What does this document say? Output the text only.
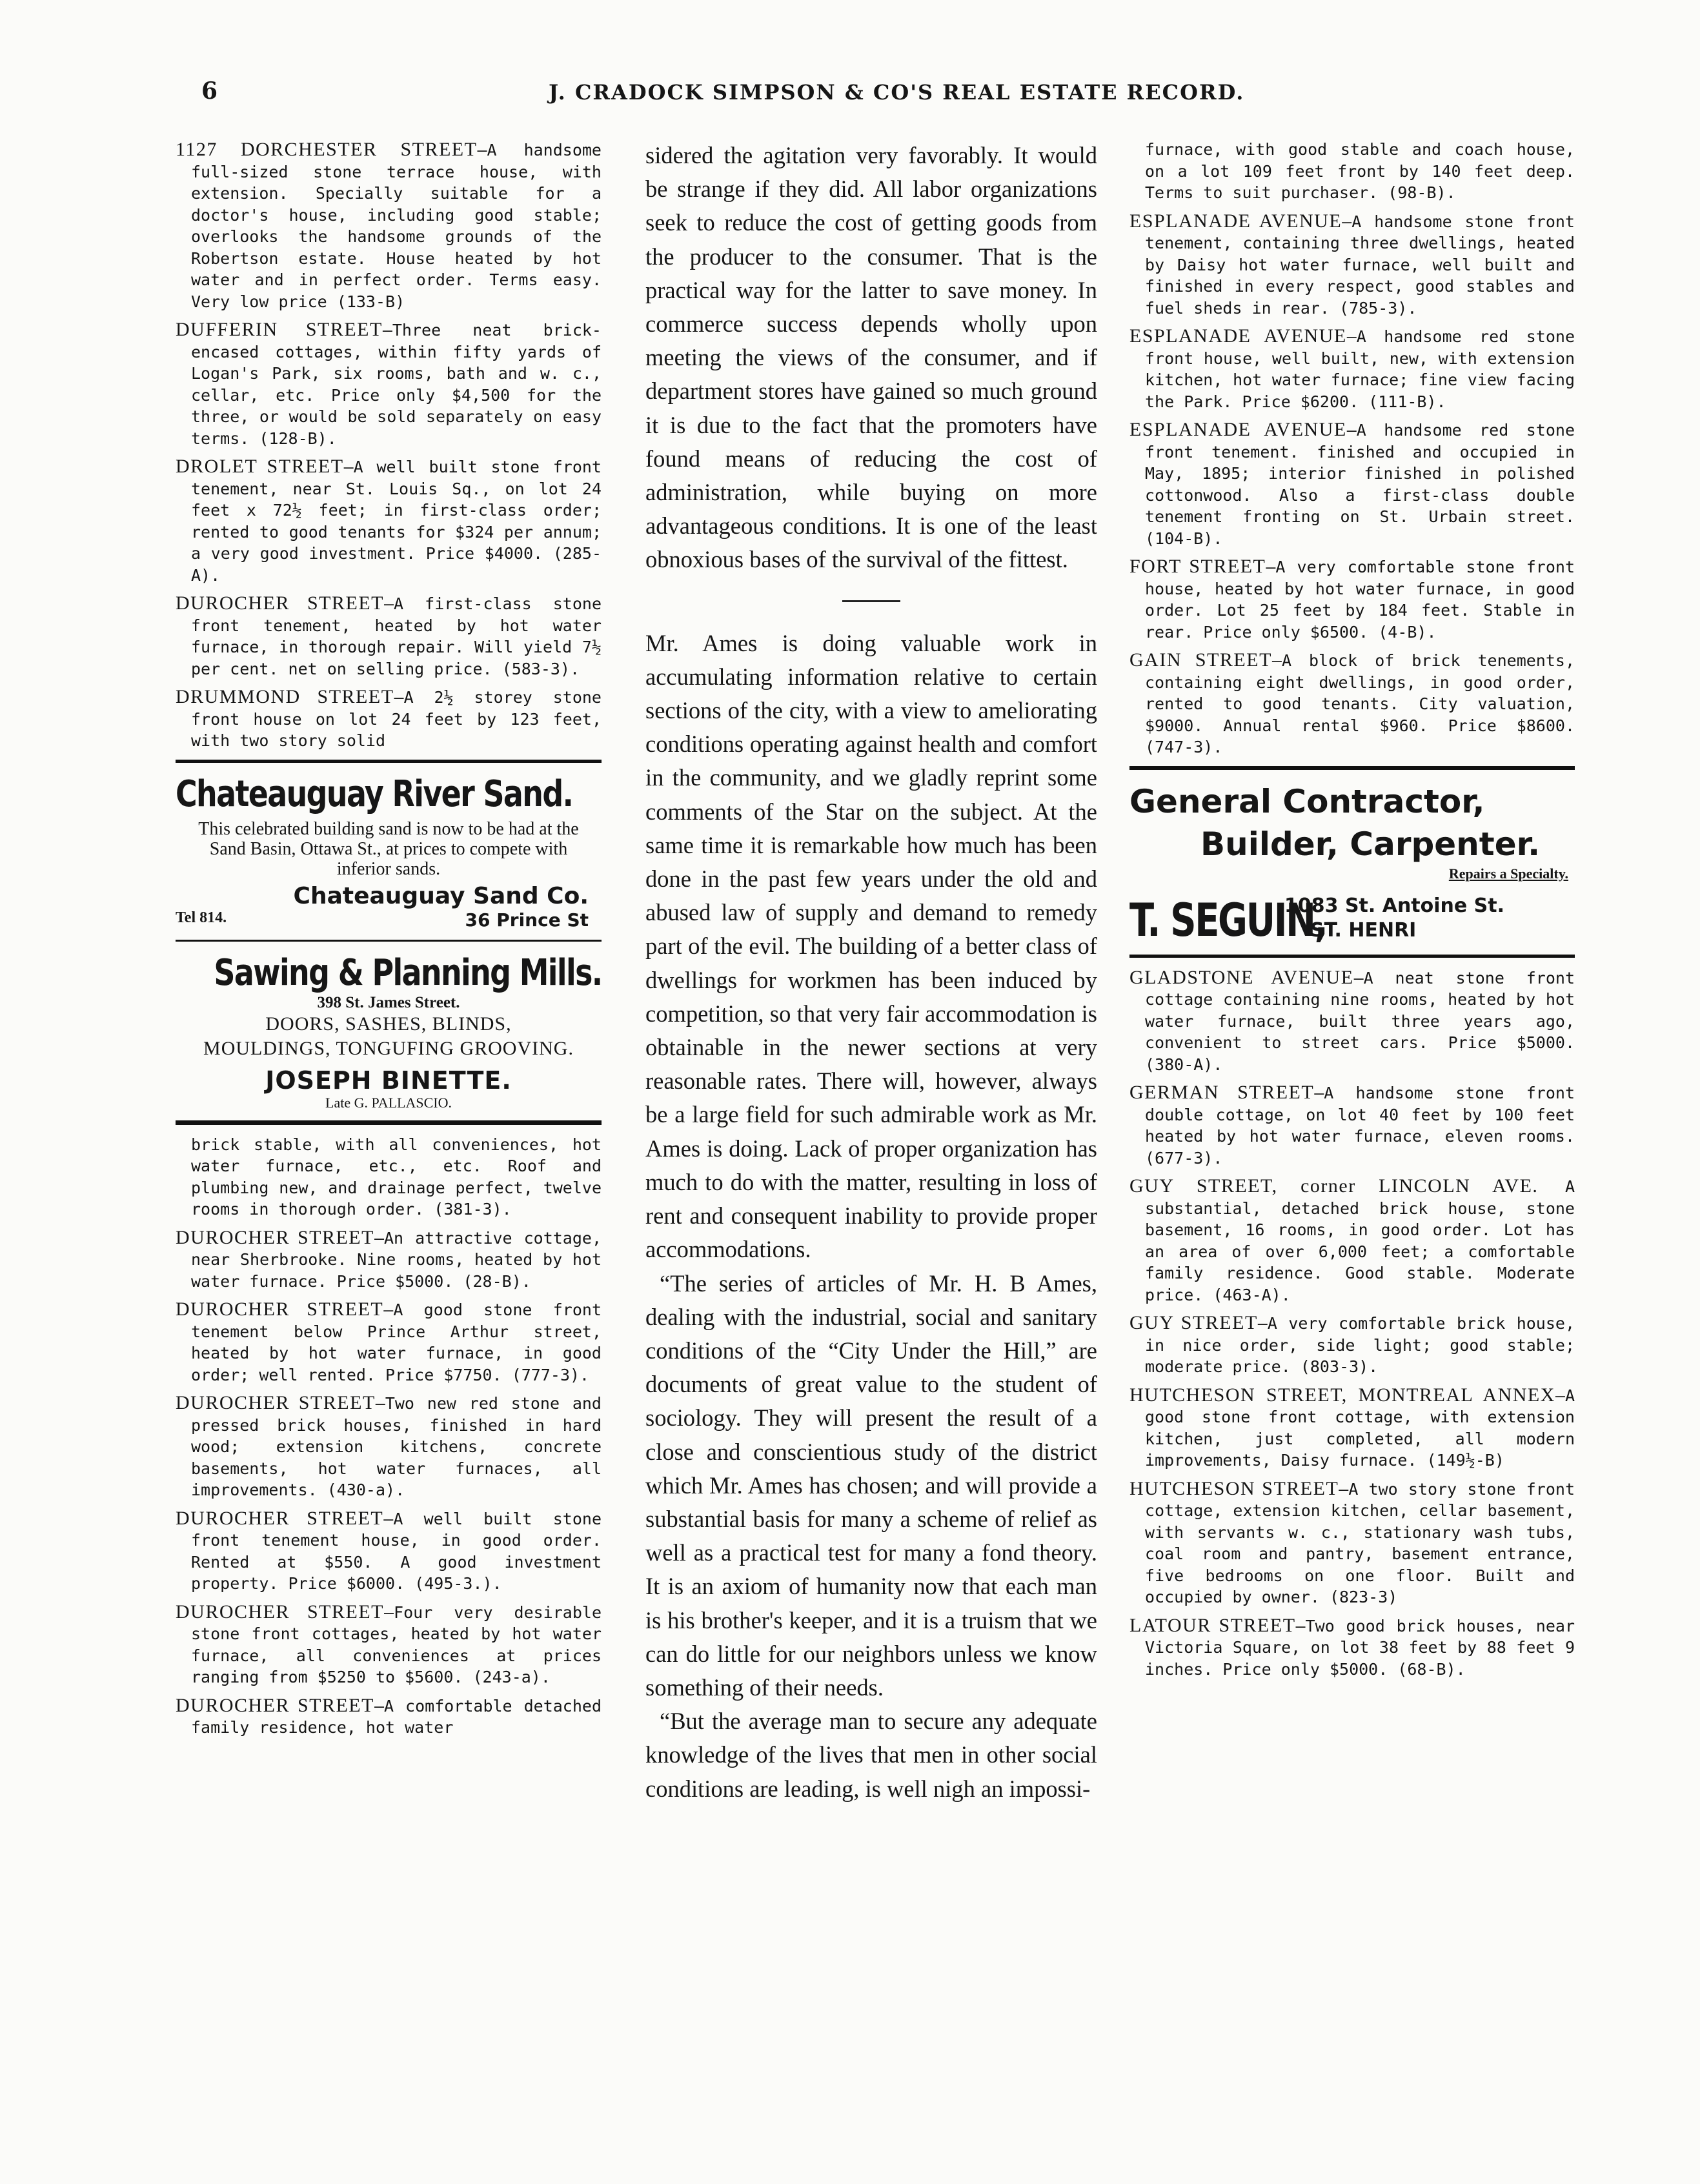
6	J. CRADOCK SIMPSON & CO'S REAL ESTATE RECORD.

1127 DORCHESTER STREET—A handsome full-sized stone terrace house, with extension. Specially suitable for a doctor's house, including good stable; overlooks the handsome grounds of the Robertson estate. House heated by hot water and in perfect order. Terms easy. Very low price (133-B)

DUFFERIN STREET—Three neat brick-encased cottages, within fifty yards of Logan's Park, six rooms, bath and w. c., cellar, etc. Price only $4,500 for the three, or would be sold separately on easy terms. (128-B).

DROLET STREET—A well built stone front tenement, near St. Louis Sq., on lot 24 feet x 72½ feet; in first-class order; rented to good tenants for $324 per annum; a very good investment. Price $4000. (285-A).

DUROCHER STREET—A first-class stone front tenement, heated by hot water furnace, in thorough repair. Will yield 7½ per cent. net on selling price. (583-3).

DRUMMOND STREET—A 2½ storey stone front house on lot 24 feet by 123 feet, with two story solid

Chateauguay River Sand.
This celebrated building sand is now to be had at the Sand Basin, Ottawa St., at prices to compete with inferior sands.
Chateauguay Sand Co.
Tel 814.	36 Prince St
Sawing & Planning Mills.
398 St. James Street.
DOORS, SASHES, BLINDS,
MOULDINGS, TONGUFING GROOVING.
JOSEPH BINETTE.
Late G. PALLASCIO.

brick stable, with all conveniences, hot water furnace, etc., etc. Roof and plumbing new, and drainage perfect, twelve rooms in thorough order. (381-3).

DUROCHER STREET—An attractive cottage, near Sherbrooke. Nine rooms, heated by hot water furnace. Price $5000. (28-B).

DUROCHER STREET—A good stone front tenement below Prince Arthur street, heated by hot water furnace, in good order; well rented. Price $7750. (777-3).

DUROCHER STREET—Two new red stone and pressed brick houses, finished in hard wood; extension kitchens, concrete basements, hot water furnaces, all improvements. (430-a).

DUROCHER STREET—A well built stone front tenement house, in good order. Rented at $550. A good investment property. Price $6000. (495-3.).

DUROCHER STREET—Four very desirable stone front cottages, heated by hot water furnace, all conveniences at prices ranging from $5250 to $5600. (243-a).

DUROCHER STREET—A comfortable detached family residence, hot water

sidered the agitation very favorably. It would be strange if they did. All labor organizations seek to reduce the cost of getting goods from the producer to the consumer. That is the practical way for the latter to save money. In commerce success depends wholly upon meeting the views of the consumer, and if department stores have gained so much ground it is due to the fact that the promoters have found means of reducing the cost of administration, while buying on more advantageous conditions. It is one of the least obnoxious bases of the survival of the fittest.

Mr. Ames is doing valuable work in accumulating information relative to certain sections of the city, with a view to ameliorating conditions operating against health and comfort in the community, and we gladly reprint some comments of the Star on the subject. At the same time it is remarkable how much has been done in the past few years under the old and abused law of supply and demand to remedy part of the evil. The building of a better class of dwellings for workmen has been induced by competition, so that very fair accommodation is obtainable in the newer sections at very reasonable rates. There will, however, always be a large field for such admirable work as Mr. Ames is doing. Lack of proper organization has much to do with the matter, resulting in loss of rent and consequent inability to provide proper accommodations.

“The series of articles of Mr. H. B Ames, dealing with the industrial, social and sanitary conditions of the “City Under the Hill,” are documents of great value to the student of sociology. They will present the result of a close and conscientious study of the district which Mr. Ames has chosen; and will provide a substantial basis for many a scheme of relief as well as a practical test for many a fond theory. It is an axiom of humanity now that each man is his brother's keeper, and it is a truism that we can do little for our neighbors unless we know something of their needs.

“But the average man to secure any adequate knowledge of the lives that men in other social conditions are leading, is well nigh an impossi-

furnace, with good stable and coach house, on a lot 109 feet front by 140 feet deep. Terms to suit purchaser. (98-B).

ESPLANADE AVENUE—A handsome stone front tenement, containing three dwellings, heated by Daisy hot water furnace, well built and finished in every respect, good stables and fuel sheds in rear. (785-3).

ESPLANADE AVENUE—A handsome red stone front house, well built, new, with extension kitchen, hot water furnace; fine view facing the Park. Price $6200. (111-B).

ESPLANADE AVENUE—A handsome red stone front tenement. finished and occupied in May, 1895; interior finished in polished cottonwood. Also a first-class double tenement fronting on St. Urbain street. (104-B).

FORT STREET—A very comfortable stone front house, heated by hot water furnace, in good order. Lot 25 feet by 184 feet. Stable in rear. Price only $6500. (4-B).

GAIN STREET—A block of brick tenements, containing eight dwellings, in good order, rented to good tenants. City valuation, $9000. Annual rental $960. Price $8600. (747-3).

General Contractor,
Builder, Carpenter.
Repairs a Specialty.
T. SEGUIN,
1083 St. Antoine St.
ST. HENRI

GLADSTONE AVENUE—A neat stone front cottage containing nine rooms, heated by hot water furnace, built three years ago, convenient to street cars. Price $5000. (380-A).

GERMAN STREET—A handsome stone front double cottage, on lot 40 feet by 100 feet heated by hot water furnace, eleven rooms. (677-3).

GUY STREET, corner LINCOLN AVE. A substantial, detached brick house, stone basement, 16 rooms, in good order. Lot has an area of over 6,000 feet; a comfortable family residence. Good stable. Moderate price. (463-A).

GUY STREET—A very comfortable brick house, in nice order, side light; good stable; moderate price. (803-3).

HUTCHESON STREET, MONTREAL ANNEX—A good stone front cottage, with extension kitchen, just completed, all modern improvements, Daisy furnace. (149½-B)

HUTCHESON STREET—A two story stone front cottage, extension kitchen, cellar basement, with servants w. c., stationary wash tubs, coal room and pantry, basement entrance, five bedrooms on one floor. Built and occupied by owner. (823-3)

LATOUR STREET—Two good brick houses, near Victoria Square, on lot 38 feet by 88 feet 9 inches. Price only $5000. (68-B).
